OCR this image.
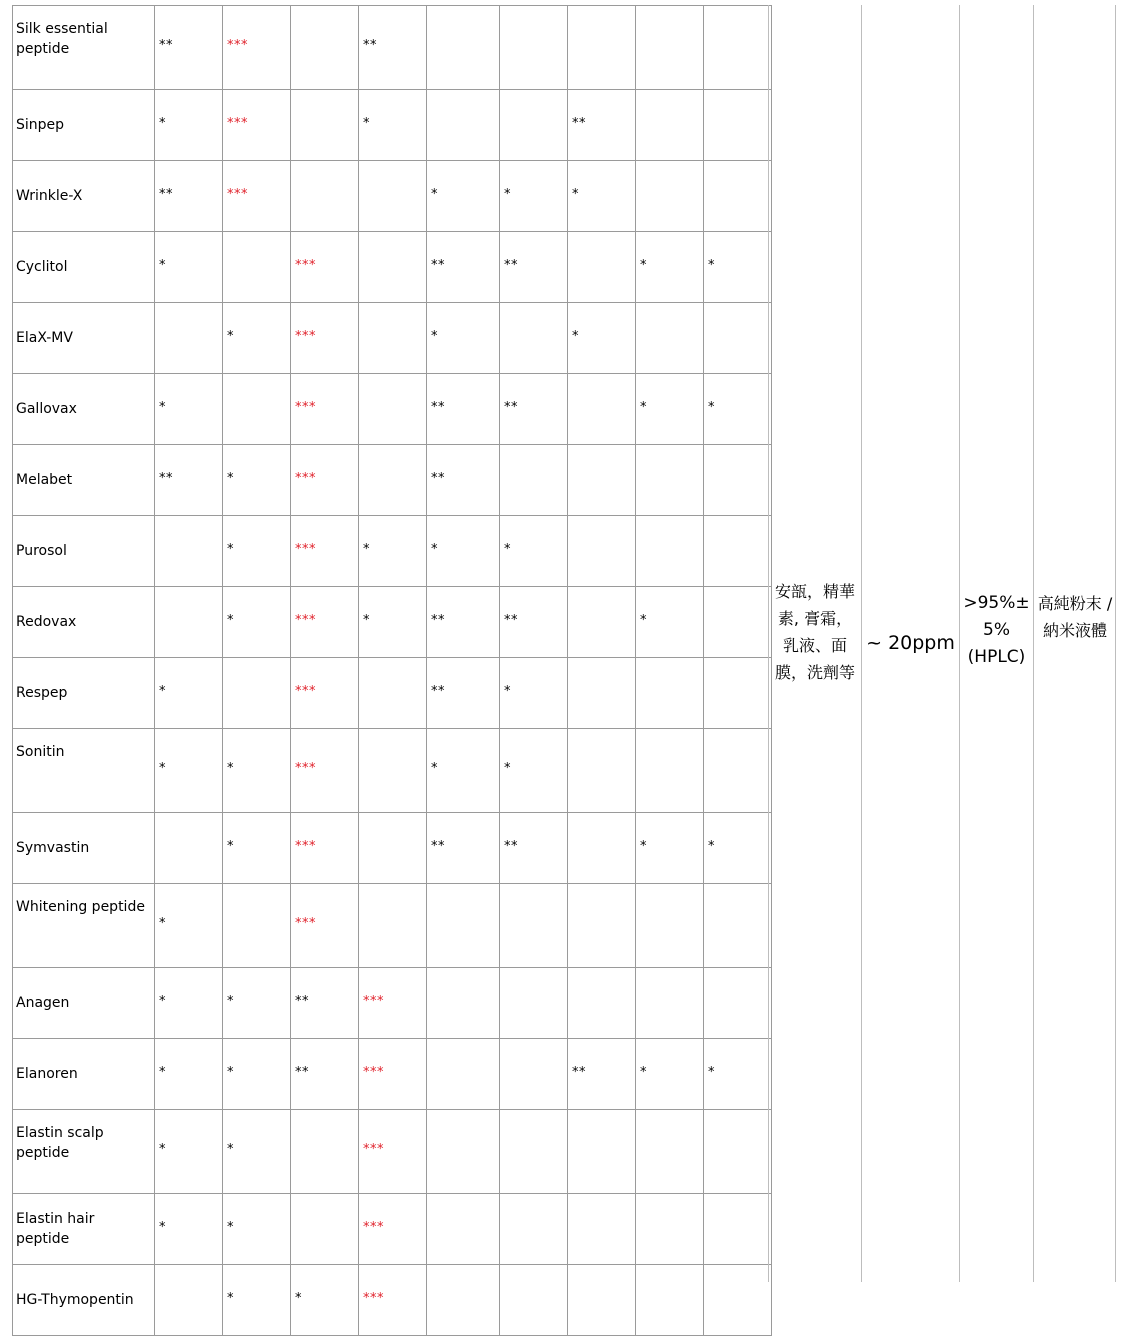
Silk essential peptide	**	***		**					
Sinpep	*	***		*			**		
Wrinkle-X	**	***			*	*	*		
Cyclitol	*		***		**	**		*	*
ElaX-MV		*	***		*		*		
Gallovax	*		***		**	**		*	*
Melabet	**	*	***		**				
Purosol		*	***	*	*	*			
Redovax		*	***	*	**	**		*	
Respep	*		***		**	*			
Sonitin	*	*	***		*	*			
Symvastin		*	***		**	**		*	*
Whitening peptide	*		***						
Anagen	*	*	**	***					
Elanoren	*	*	**	***			**	*	*
Elastin scalp peptide	*	*		***					
Elastin hair peptide	*	*		***					
HG-Thymopentin		*	*	***					
安瓿，精華素, 膏霜，乳液、面膜，洗劑等
~ 20ppm
>95%± 5% (HPLC)
高純粉末 / 納米液體
